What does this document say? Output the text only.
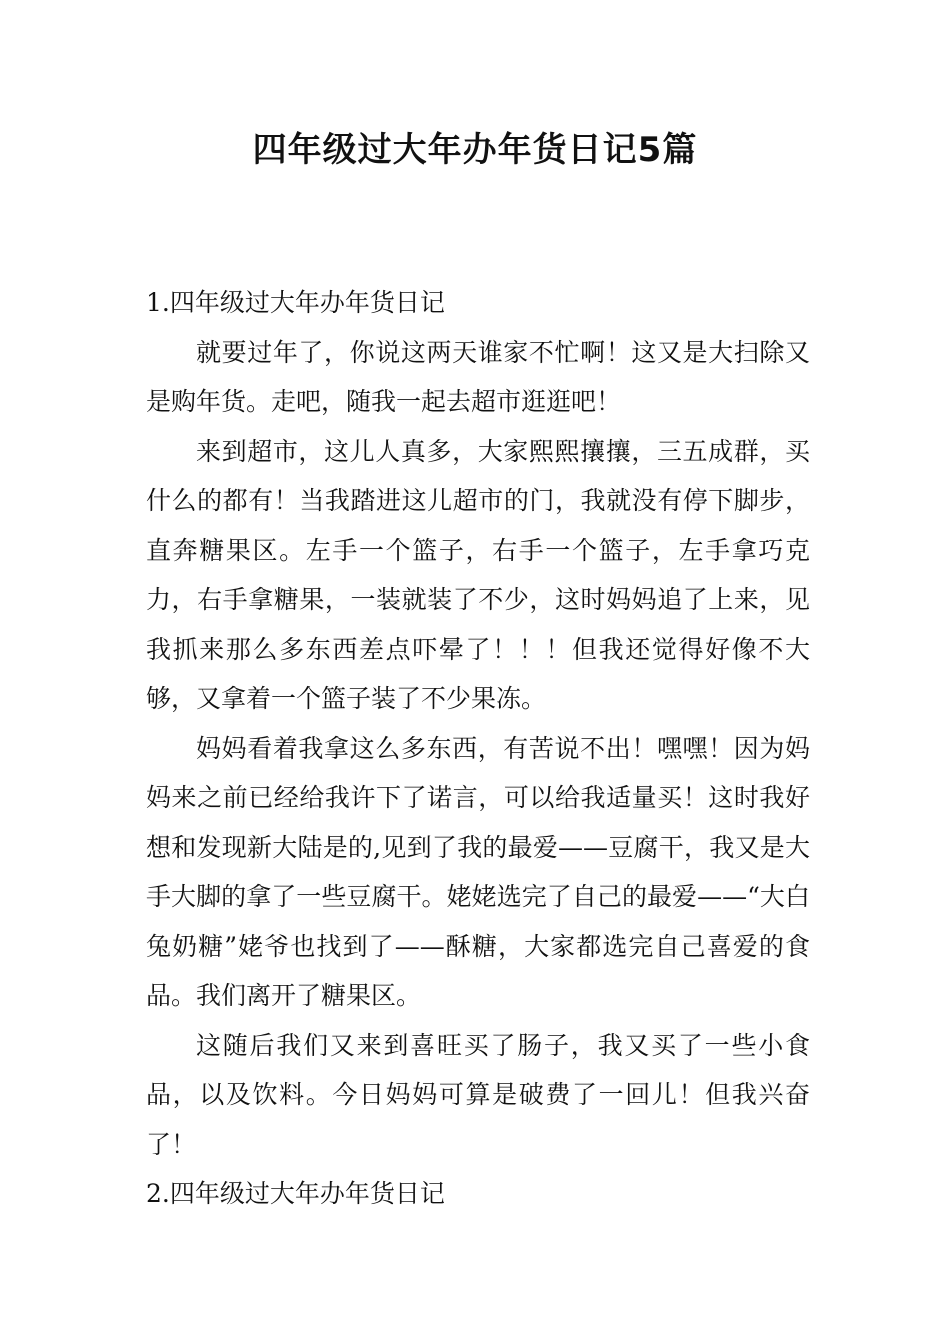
四年级过大年办年货日记5篇
1.四年级过大年办年货日记

就要过年了，你说这两天谁家不忙啊！这又是大扫除又是购年货。走吧，随我一起去超市逛逛吧！

来到超市，这儿人真多，大家熙熙攘攘，三五成群，买什么的都有！当我踏进这儿超市的门，我就没有停下脚步，直奔糖果区。左手一个篮子，右手一个篮子，左手拿巧克力，右手拿糖果，一装就装了不少，这时妈妈追了上来，见我抓来那么多东西差点吓晕了！！！但我还觉得好像不大够，又拿着一个篮子装了不少果冻。

妈妈看着我拿这么多东西，有苦说不出！嘿嘿！因为妈妈来之前已经给我许下了诺言，可以给我适量买！这时我好想和发现新大陆是的,见到了我的最爱——豆腐干，我又是大手大脚的拿了一些豆腐干。姥姥选完了自己的最爱——“大白兔奶糖”姥爷也找到了——酥糖，大家都选完自己喜爱的食品。我们离开了糖果区。

这随后我们又来到喜旺买了肠子，我又买了一些小食品，以及饮料。今日妈妈可算是破费了一回儿！但我兴奋了！

2.四年级过大年办年货日记
